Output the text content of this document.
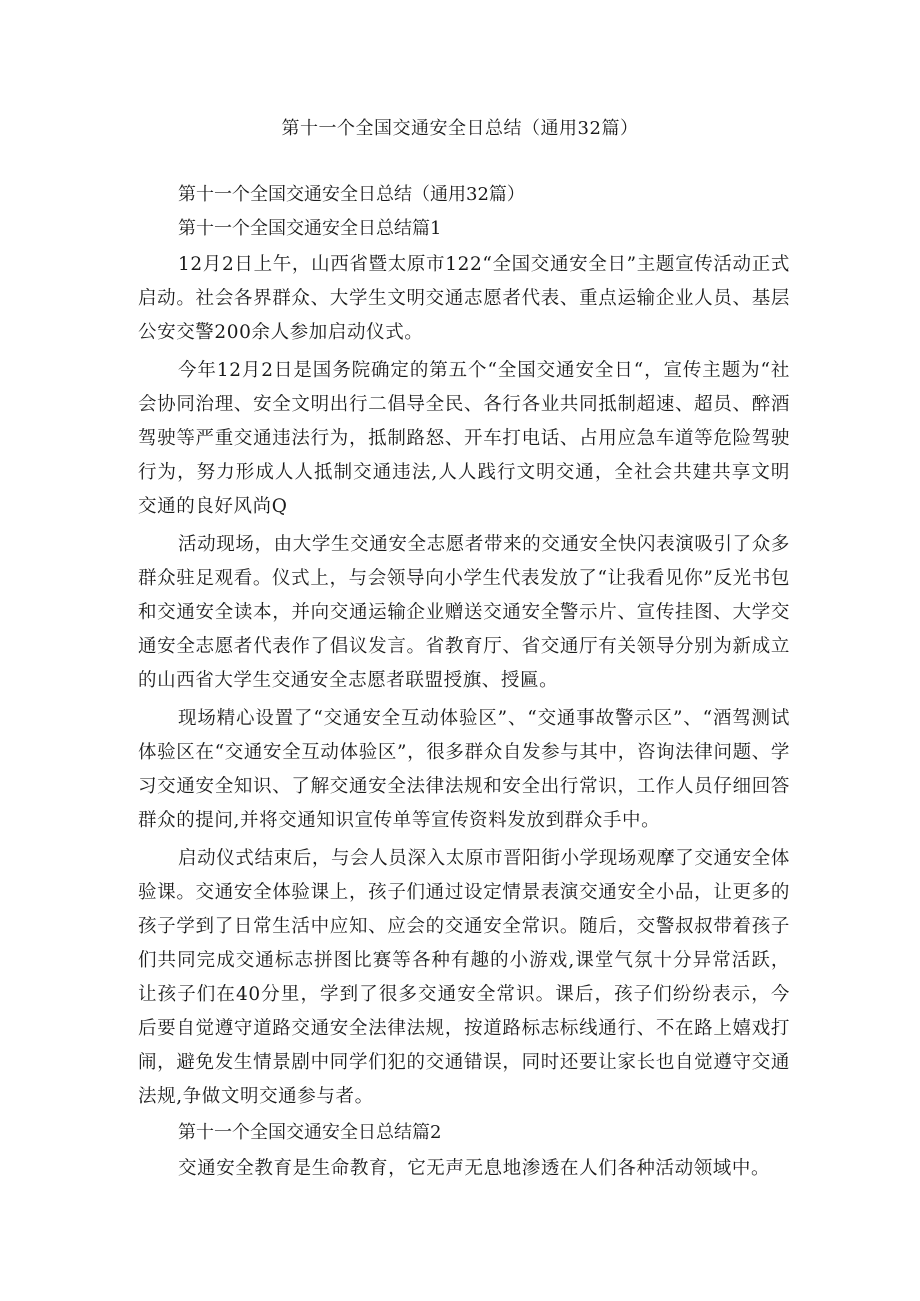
第十一个全国交通安全日总结（通用32篇）

第十一个全国交通安全日总结（通用32篇）

第十一个全国交通安全日总结篇1

12月2日上午，山西省暨太原市122“全国交通安全日”主题宣传活动正式启动。社会各界群众、大学生文明交通志愿者代表、重点运输企业人员、基层公安交警200余人参加启动仪式。

今年12月2日是国务院确定的第五个“全国交通安全日“，宣传主题为“社会协同治理、安全文明出行二倡导全民、各行各业共同抵制超速、超员、醉酒驾驶等严重交通违法行为，抵制路怒、开车打电话、占用应急车道等危险驾驶行为，努力形成人人抵制交通违法,人人践行文明交通，全社会共建共享文明交通的良好风尚Q

活动现场，由大学生交通安全志愿者带来的交通安全快闪表演吸引了众多群众驻足观看。仪式上，与会领导向小学生代表发放了“让我看见你”反光书包和交通安全读本，并向交通运输企业赠送交通安全警示片、宣传挂图、大学交通安全志愿者代表作了倡议发言。省教育厅、省交通厅有关领导分别为新成立的山西省大学生交通安全志愿者联盟授旗、授匾。

现场精心设置了“交通安全互动体验区”、“交通事故警示区”、“酒驾测试体验区在“交通安全互动体验区”，很多群众自发参与其中，咨询法律问题、学习交通安全知识、了解交通安全法律法规和安全出行常识，工作人员仔细回答群众的提问,并将交通知识宣传单等宣传资料发放到群众手中。

启动仪式结束后，与会人员深入太原市晋阳街小学现场观摩了交通安全体验课。交通安全体验课上，孩子们通过设定情景表演交通安全小品，让更多的孩子学到了日常生活中应知、应会的交通安全常识。随后，交警叔叔带着孩子们共同完成交通标志拼图比赛等各种有趣的小游戏,课堂气氛十分异常活跃，让孩子们在40分里，学到了很多交通安全常识。课后，孩子们纷纷表示，今后要自觉遵守道路交通安全法律法规，按道路标志标线通行、不在路上嬉戏打闹，避免发生情景剧中同学们犯的交通错误，同时还要让家长也自觉遵守交通法规,争做文明交通参与者。

第十一个全国交通安全日总结篇2

交通安全教育是生命教育，它无声无息地渗透在人们各种活动领域中。
